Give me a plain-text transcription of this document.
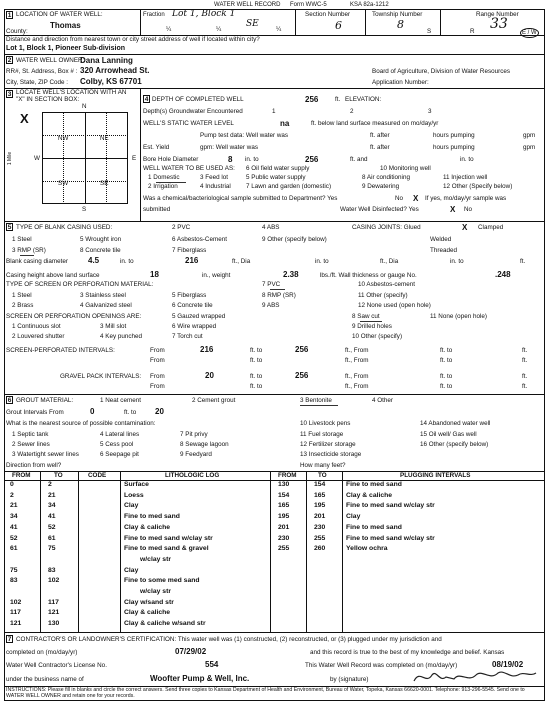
WATER WELL RECORD Form WWC-5	KSA 82a-1212
1 LOCATION OF WATER WELL:
County:
Thomas
Fraction Lot 1, Block 1
¼	¼
SE
¼
Section Number
6
Township Number
8
S
Range Number
R 33
E / W
Distance and direction from nearest town or city street address of well if located within city?
Lot 1, Block 1, Pioneer Sub-division
2 WATER WELL OWNER:
Dana Lanning
RR#, St. Address, Box # : 320 Arrowhead St.
City, State, ZIP Code : Colby, KS 67701
Board of Agriculture, Division of Water Resources
Application Number:
3 LOCATE WELL'S LOCATION WITH AN "X" IN SECTION BOX:
X
NW	NE
SW	SE
N
S
E
W
1 Mile
4 DEPTH OF COMPLETED WELL	256	ft. ELEVATION:
Depth(s) Groundwater Encountered	1	2	3
WELL'S STATIC WATER LEVEL	na	ft. below land surface measured on mo/day/yr
Pump test data: Well water was	ft. after	hours pumping	gpm
Est. Yield	gpm: Well water was	ft. after	hours pumping	gpm
Bore Hole Diameter	8 in. to	256	ft. and	in. to
WELL WATER TO BE USED AS:
1 Domestic	3 Feed lot	5 Public water supply	8 Air conditioning	11 Injection well
2 Irrigation	4 Industrial 7 Lawn and garden (domestic)
6 Oil field water supply
9 Dewatering	12 Other (Specify below)
10 Monitoring well
Was a chemical/bacteriological sample submitted to Department? Yes	No X If yes, mo/day/yr sample was
submitted	Water Well Disinfected? Yes	X No
5 TYPE OF BLANK CASING USED:
1 Steel	5 Wrought iron
2 PVC	4 ABS
3 RMP (SR)	8 Concrete tile
6 Asbestos-Cement	9 Other (specify below)
7 Fiberglass
CASING JOINTS: Glued	X Clamped
Welded
Threaded
Blank casing diameter	4.5	in. to	216	ft., Dia	in. to	ft., Dia	in. to	ft.
Casing height above land surface	18	in., weight	2.38	lbs./ft. Wall thickness or gauge No.	.248
TYPE OF SCREEN OR PERFORATION MATERIAL:
1 Steel	3 Stainless steel	5 Fiberglass
7 PVC	10 Asbestos-cement
2 Brass	4 Galvanized steel	6 Concrete tile
8 RMP (SR)	11 Other (specify)
9 ABS	12 None used (open hole)
SCREEN OR PERFORATION OPENINGS ARE:	5 Gauzed wrapped	8 Saw cut	11 None (open hole)
1 Continuous slot	3 Mill slot	6 Wire wrapped	9 Drilled holes
2 Louvered shutter	4 Key punched	7 Torch cut	10 Other (specify)
SCREEN-PERFORATED INTERVALS:	From	216	ft. to	256	ft., From	ft. to	ft.
From	ft. to	ft., From	ft. to	ft.
GRAVEL PACK INTERVALS: From	20	ft. to	256	ft., From	ft. to	ft.
From	ft. to	ft., From	ft. to	ft.
6 GROUT MATERIAL:	1 Neat cement	2 Cement grout	3 Bentonite	4 Other
Grout Intervals From	0	ft. to 20
What is the nearest source of possible contamination:
1 Septic tank	4 Lateral lines	7 Pit privy
10 Livestock pens	14 Abandoned water well
2 Sewer lines	5 Cess pool	8 Sewage lagoon
11 Fuel storage	15 Oil well/ Gas well
3 Watertight sewer lines	6 Seepage pit	9 Feedyard
12 Fertilizer storage	16 Other (specify below)
13 Insecticide storage
Direction from well?	How many feet?
FROM	TO	CODE	LITHOLOGIC LOG	FROM	TO	PLUGGING INTERVALS
0	2	Surface
2	21	Loess
21	34	Clay
34	41	Fine to med sand
41	52	Clay & caliche
52	61	Fine to med sand w/clay str
61	75	Fine to med sand & gravel
w/clay str
75	83	Clay
83	102	Fine to some med sand
w/clay str
102	117	Clay w/sand str
117	121	Clay & caliche
121	130	Clay & caliche w/sand str
130	154	Fine to med sand
154	165	Clay & caliche
165	195	Fine to med sand w/clay str
195	201	Clay
201	230	Fine to med sand
230	255	Fine to med sand w/clay str
255	260	Yellow ochra
7 CONTRACTOR'S OR LANDOWNER'S CERTIFICATION: This water well was (1) constructed, (2) reconstructed, or (3) plugged under my jurisdiction and
completed on (mo/day/yr)	07/29/02	and this record is true to the best of my knowledge and belief. Kansas
Water Well Contractor's License No.	554	This Water Well Record was completed on (mo/day/yr)	08/19/02
under the business name of	Woofter Pump & Well, Inc.	by (signature)
INSTRUCTIONS: Please fill in blanks and circle the correct answers. Send three copies to Kansas Department of Health and Environment, Bureau of Water, Topeka, Kansas 66620-0001. Telephone: 913-296-5545. Send one to WATER WELL OWNER and retain one for your records.
